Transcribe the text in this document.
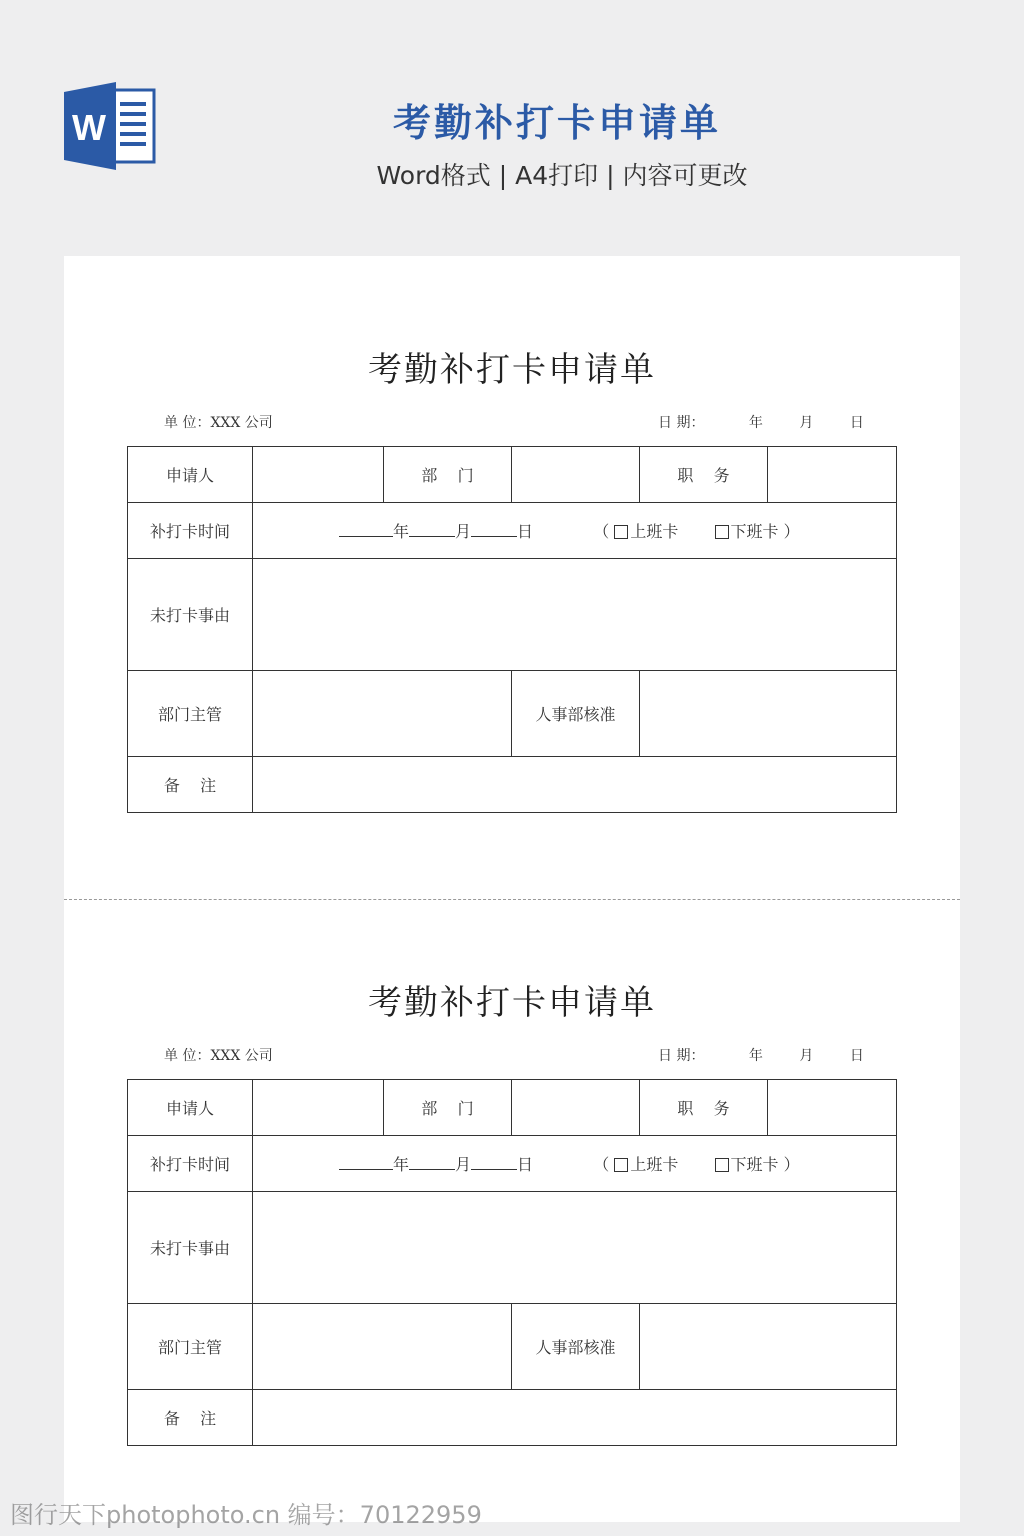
W	考勤补打卡申请单
Word格式 | A4打印 | 内容可更改
考勤补打卡申请单
单 位：XXX 公司	日 期：	年	月	日
申请人		部    门		职    务	
补打卡时间	年 月 日 （ 上班卡 下班卡 ）				
未打卡事由					
部门主管			人事部核准		
备    注					
考勤补打卡申请单
单 位：XXX 公司	日 期：	年	月	日
申请人		部    门		职    务	
补打卡时间	年 月 日 （ 上班卡 下班卡 ）				
未打卡事由					
部门主管			人事部核准		
备    注					
图行天下photophoto.cn 编号：70122959
